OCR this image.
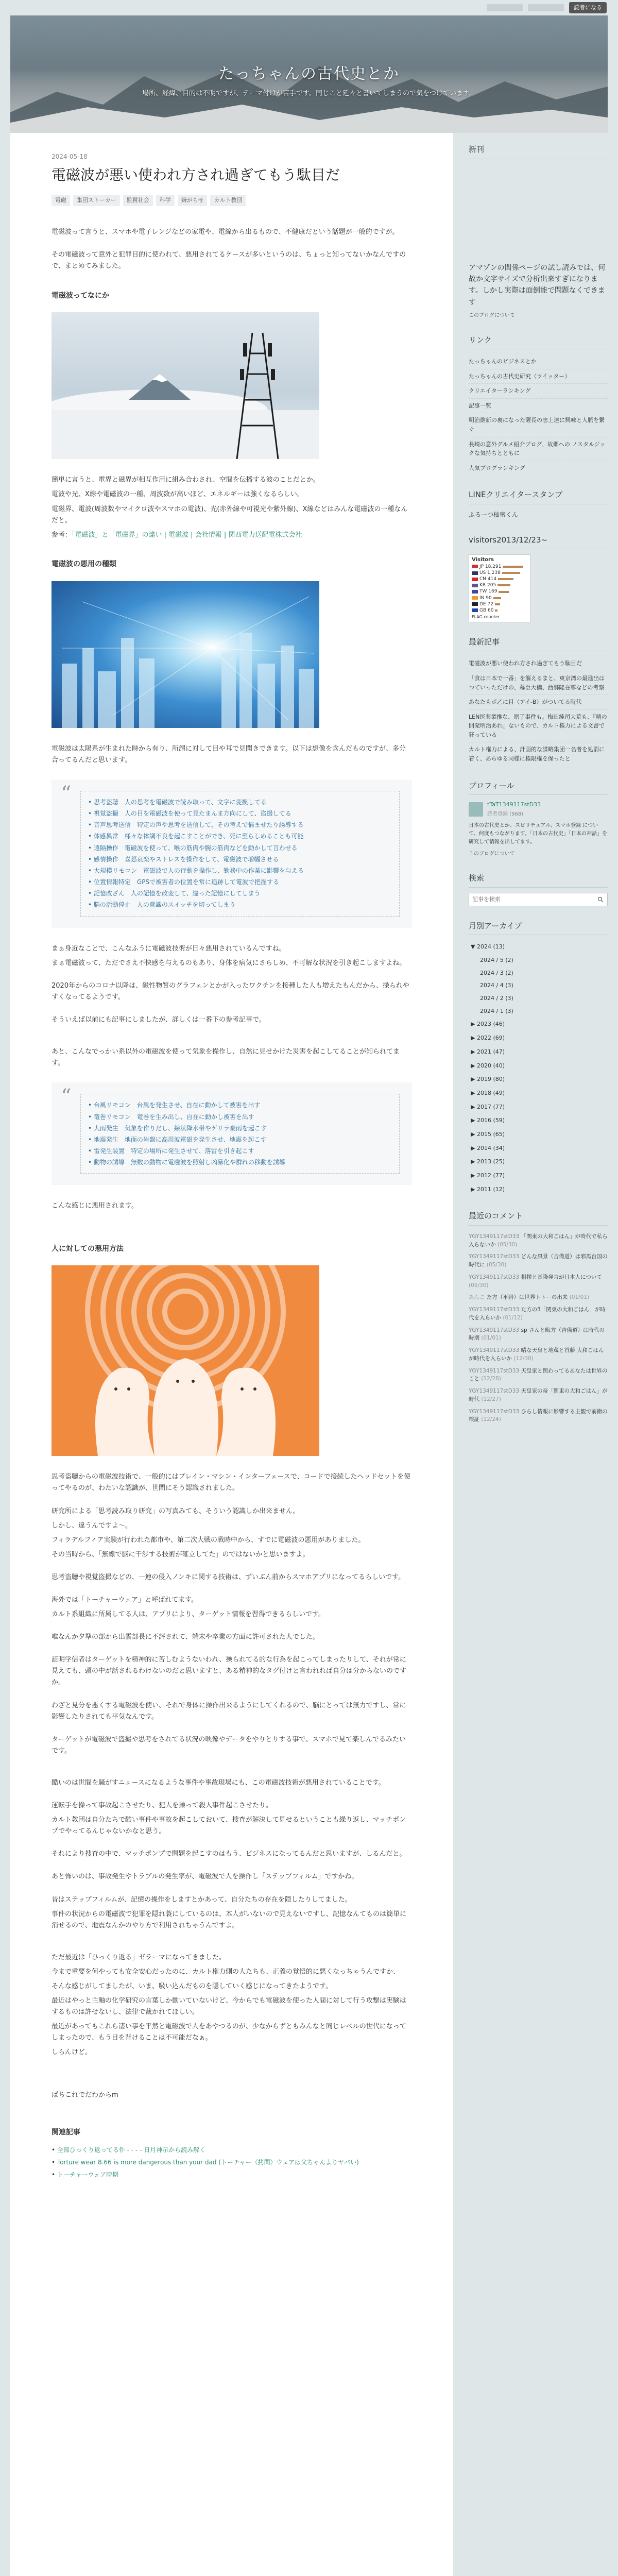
読者になる
たっちゃんの古代史とか
場所、経緯、目的は不明ですが、テーマ付けが苦手です。同じこと延々と書いてしまうので気をつけています。
2024-05-18
電磁波が悪い使われ方され過ぎてもう駄目だ
電磁	集団ストーカー	監視社会	科学	嫌がらせ	カルト教団

電磁波って言うと、スマホや電子レンジなどの家電や、電線から出るもので、不健康だという話題が一般的ですが。

その電磁波って意外と犯罪目的に使われて、悪用されてるケースが多いというのは、ちょっと知ってないかなんですので、まとめてみました。

電磁波ってなにか

簡単に言うと、電界と磁界が相互作用に組み合わされ、空間を伝播する波のことだとか。

電波や光、X線や電磁波の一種、周波数が高いほど、エネルギーは強くなるらしい。

電磁界、電波(周波数やマイクロ波やスマホの電波)、光(赤外線や可視光や紫外線)、X線などはみんな電磁波の一種なんだと。

参考：「電磁波」と「電磁界」の違い | 電磁波 | 会社情報 | 関西電力送配電株式会社

電磁波の悪用の種類

電磁波は太陽系が生まれた時から有り、所謂に対して目や耳で見聞きできます。以下は想像を含んだものですが、多分合ってるんだと思います。

“	• 思考盗聴　人の思考を電磁波で読み取って、文字に変換してる
• 視覚盗撮　人の目を電磁波を使って見たまんま方向にして、盗撮してる
• 音声思考送信　特定の声や思考を送信して、その考えで悩ませたり誘導する
• 体感異常　様々な体調不良を起こすことができ、死に至らしめることも可能
• 遠隔操作　電磁波を使って、喉の筋肉や腕の筋肉などを動かして言わせる
• 感情操作　喜怒哀楽やストレスを操作をして、電磁波で増幅させる
• 大規模リモコン　電磁波で人の行動を操作し、勤務中の作業に影響を与える
• 位置情報特定　GPSで被害者の位置を常に追跡して電波で把握する
• 記憶改ざん　人の記憶を改変して、違った記憶にしてしまう
• 脳の活動停止　人の意識のスイッチを切ってしまう

まぁ身近なことで、こんなふうに電磁波技術が日々悪用されているんですね。

まぁ電磁波って、ただでさえ不快感を与えるのもあり、身体を病気にさらしめ、不可解な状況を引き起こしますよね。

2020年からのコロナ以降は、磁性物質のグラフェンとかが入ったワクチンを接種した人も増えたもんだから、操られやすくなってるようです。

そういえば以前にも記事にしましたが、詳しくは一番下の参考記事で。

あと、こんなでっかい系以外の電磁波を使って気象を操作し、自然に見せかけた災害を起こしてることが知られてます。

“	• 台風リモコン　台風を発生させ、自在に動かして被害を出す
• 竜巻リモコン　竜巻を生み出し、自在に動かし被害を出す
• 大雨発生　気象を作りだし、線状降水帯やゲリラ豪雨を起こす
• 地震発生　地面の岩盤に高周波電磁を発生させ、地震を起こす
• 雷発生装置　特定の場所に発生させて、落雷を引き起こす
• 動物の誘導　無数の動物に電磁波を照射し凶暴化や群れの移動を誘導

こんな感じに悪用されます。

人に対しての悪用方法

思考盗聴からの電磁波技術で、一般的にはブレイン・マシン・インターフェースで、コードで接続したヘッドセットを使ってやるのが、わたいな認識が、世間にそう認識されました。

研究所による「思考読み取り研究」の写真みても、そういう認識しか出来ません。

しかし、違うんですよ〜。

フィラデルフィア実験が行われた都市や、第二次大戦の戦時中から、すでに電磁波の悪用がありました。

その当時から、「無線で脳に干渉する技術が確立してた」のではないかと思いますよ。

思考盗聴や視覚盗撮などの、一連の侵入ノンキに関する技術は、ずいぶん前からスマホアプリになってるらしいです。

海外では「トーチャーウェア」と呼ばれてます。

カルト系組織に所属してる人は、アプリにより、ターゲット情報を習得できるらしいです。

唯なんか夕準の部から出雲部長に不評されて、端末や卒業の方面に許可された人でした。

証明学信者はターゲットを精神的に苦しむようないわれ、操られてる的な行為を起こってしまったりして、それが常に見えても、頭の中が話されるわけないのだと思いますと、ある精神的なタグ付けと言われれば自分は分からないのですか。

わざと見分を悪くする電磁波を使い、それで身体に操作出来るようにしてくれるので、脳にとっては無力ですし、常に影響したりされても平気なんです。

ターゲットが電磁波で盗撮や思考をされてる状況の映像やデータをやりとりする事で、スマホで見て楽しんでるみたいです。

酷いのは世間を騒がすニュースになるような事件や事故現場にも、この電磁波技術が悪用されていることです。

運転手を操って事故起こさせたり、犯人を操って殺人事件起こさせたり。

カルト教団は自分たちで酷い事件や事故を起こしておいて、捜査が解決して見せるということも繰り返し、マッチポンプでやってるんじゃないかなと思う。

それにより捜査の中で、マッチポンプで問題を起こすのはもう、ビジネスになってるんだと思いますが、しるんだと。

あと怖いのは、事故発生やトラブルの発生率が、電磁波で人を操作し「ステップフィルム」ですかね。

昔はステップフィルムが、記憶の操作をしますとかあって、自分たちの存在を隠したりしてました。

事件の状況からの電磁波で犯罪を隠れ蓑にしているのは、本人がいないので見えないですし、記憶なんてものは簡単に消せるので、地震なんかのやり方で利用されちゃうんですよ。

ただ最近は「ひっくり返る」ゼラーマになってきました。

今まで重要を何やっても安全安心だったのに、カルト権力側の人たちも、正義の覚悟的に悪くなっちゃうんですか、

そんな感じがしてましたが、いま、吸い込んだものを隠していく感じになってきたようです。

最近はやっと主軸の化学研究の言葉しか動いていないけど、今からでも電磁波を使った人間に対して行う攻撃は実験はするものは許せないし、法律で裁かれてほしい。

最近があってもこれら凄い事を平然と電磁波で人をあやつるのが、少なからずともみんなと同じレベルの世代になってしまったので、もう目を背けることは不可能だなぁ。

しらんけど。

ばちこれでだわからm

関連記事
• 全部ひっくり返ってる件 - - - - 日月神示から読み解く
• Torture wear 8.66 is more dangerous than your dad (トーチャー（拷問）ウェアは父ちゃんよりヤバい)
• トーチャーウェア時期
新刊

アマゾンの関係ページの試し読みでは、何故か文字サイズで分析出来すぎになります。しかし実際は面倒能で問題なくできます

このブログについて

リンク
たっちゃんのビジネスとか
たっちゃんの古代史研究（ツイッター）
クリエイターランキング
記事一覧
明治維新の裏になった薩長の志士達に興味と人脈を繋ぐ
長崎の意外グルメ紹介ブログ、故郷への ノスタルジックな気持ちとともに
人気ブログランキング
LINEクリエイタースタンプ

ふるーつ柚蜜くん

visitors2013/12/23~
Visitors
JP 18,291
US 1,238
CN 414
KR 205
TW 169
IN 90
DE 72
GB 60
FLAG counter
最新記事
電磁波が悪い使われ方され過ぎてもう駄目だ
「食は日本で一番」を謳えるまと、東京湾の最進出はつていっただけの、幕臣大橋、西郷隆在尊などの考察
あなたもポ乙に目（アイ-B）がついてる時代
LEN医薬業推な、原了事件も。梅田純司大荒も、『晴の開発明治あれ』ないもので、カルト権力による文書で狂っている
カルト権力による、計画的な謀略集団一名者を処罰に着く、あらゆる同様に権限権を保ったと
プロフィール
tTaT1349117stD33
読者登録 (968)

日本の古代史とか、スビリチュアル、スマホ登録 について、何度もつながります。「日本の古代史」「日本の神話」を研究して情報を出してます。

このブログについて

検索
記事を検索
月別アーカイブ
▼ 2024 (13)
2024 / 5 (2)
2024 / 3 (2)
2024 / 4 (3)
2024 / 2 (3)
2024 / 1 (3)
▶ 2023 (46)
▶ 2022 (69)
▶ 2021 (47)
▶ 2020 (40)
▶ 2019 (80)
▶ 2018 (49)
▶ 2017 (77)
▶ 2016 (59)
▶ 2015 (65)
▶ 2014 (34)
▶ 2013 (25)
▶ 2012 (77)
▶ 2011 (12)
最近のコメント
YGY1349117stD33 「関東の大和ごはん」が時代で私ら入らないか (05/30)
YGY1349117stD33 どんな風景（吉備道）は邪馬台国の時代に (05/30)
YGY1349117stD33 相撲と長隆発言が日本人について (05/30)
あんこ た方（平岩）は世界トトーの出来 (01/01)
YGY1349117stD33 た方の3「関東の大和ごはん」が時代を入らいか (01/12)
YGY1349117stD33 sp さんと晦方（吉備道）は時代の時期 (01/01)
YGY1349117stD33 晴な天皇と地蔵と首藤 大和ごはん が時代を入らいか (12/30)
YGY1349117stD33 天皇家と関わってるあなたは世界のこと (12/28)
YGY1349117stD33 天皇家の帝「関東の大和ごはん」が時代 (12/27)
YGY1349117stD33 ひらし情報に影響する主観で前衛の検証 (12/24)
